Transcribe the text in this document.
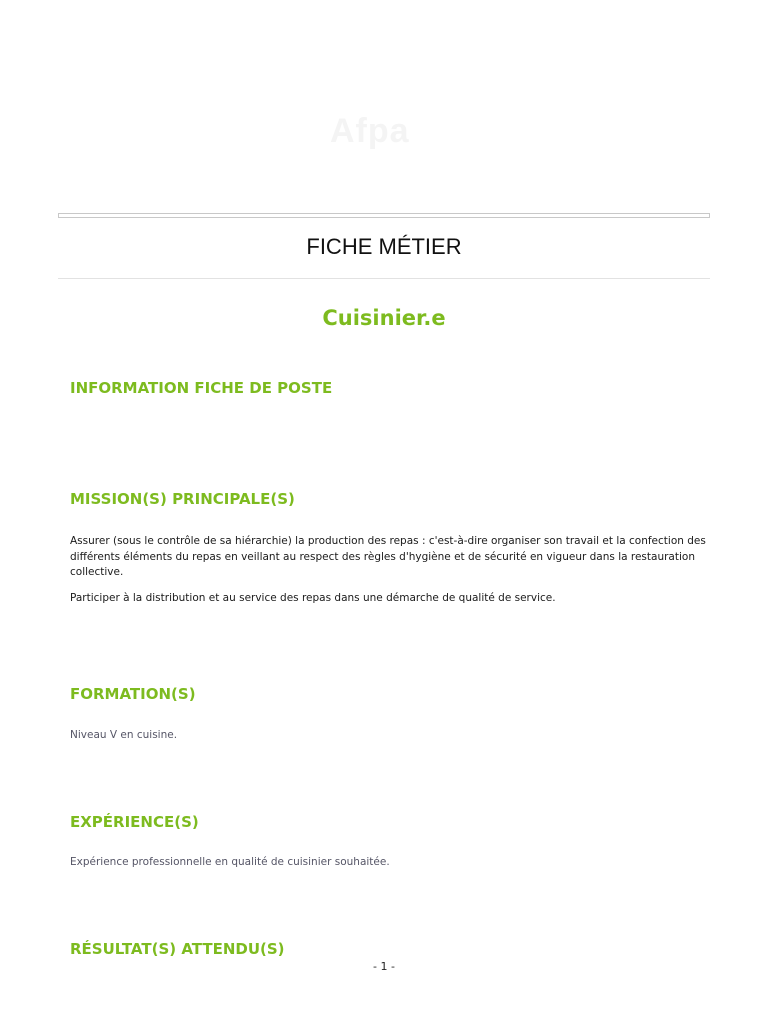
Afpa
FICHE MÉTIER
Cuisinier.e
INFORMATION FICHE DE POSTE
MISSION(S) PRINCIPALE(S)

Assurer (sous le contrôle de sa hiérarchie) la production des repas : c'est-à-dire organiser son travail et la confection des différents éléments du repas en veillant au respect des règles d'hygiène et de sécurité en vigueur dans la restauration collective.

Participer à la distribution et au service des repas dans une démarche de qualité de service.

FORMATION(S)

Niveau V en cuisine.

EXPÉRIENCE(S)

Expérience professionnelle en qualité de cuisinier souhaitée.

RÉSULTAT(S) ATTENDU(S)
- 1 -
